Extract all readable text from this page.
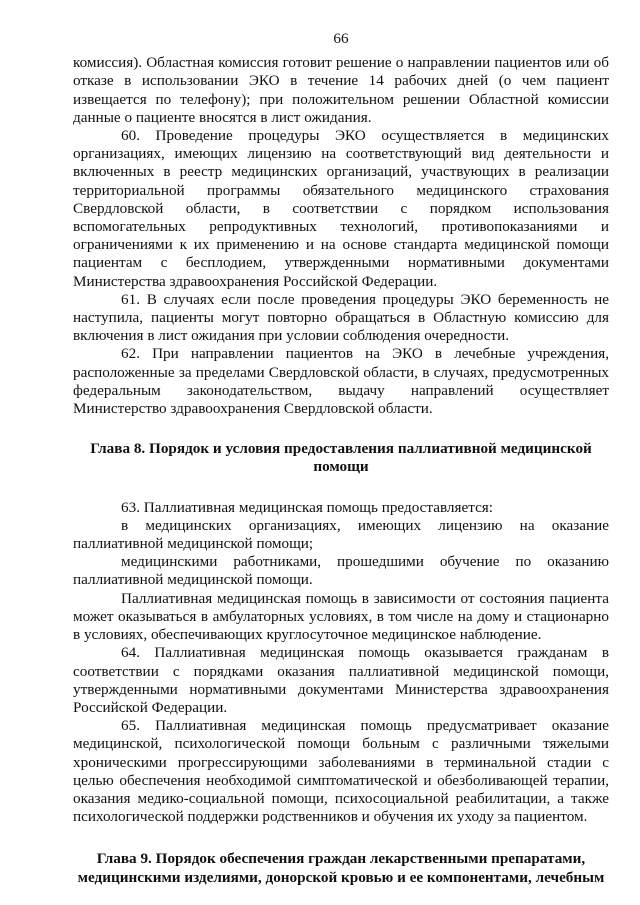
66

комиссия). Областная комиссия готовит решение о направлении пациентов или об отказе в использовании ЭКО в течение 14 рабочих дней (о чем пациент извещается по телефону); при положительном решении Областной комиссии данные о пациенте вносятся в лист ожидания.

60. Проведение процедуры ЭКО осуществляется в медицинских организациях, имеющих лицензию на соответствующий вид деятельности и включенных в реестр медицинских организаций, участвующих в реализации территориальной программы обязательного медицинского страхования Свердловской области, в соответствии с порядком использования вспомогательных репродуктивных технологий, противопоказаниями и ограничениями к их применению и на основе стандарта медицинской помощи пациентам с бесплодием, утвержденными нормативными документами Министерства здравоохранения Российской Федерации.

61. В случаях если после проведения процедуры ЭКО беременность не наступила, пациенты могут повторно обращаться в Областную комиссию для включения в лист ожидания при условии соблюдения очередности.

62. При направлении пациентов на ЭКО в лечебные учреждения, расположенные за пределами Свердловской области, в случаях, предусмотренных федеральным законодательством, выдачу направлений осуществляет Министерство здравоохранения Свердловской области.

Глава 8. Порядок и условия предоставления паллиативной медицинской помощи

63. Паллиативная медицинская помощь предоставляется:

в медицинских организациях, имеющих лицензию на оказание паллиативной медицинской помощи;

медицинскими работниками, прошедшими обучение по оказанию паллиативной медицинской помощи.

Паллиативная медицинская помощь в зависимости от состояния пациента может оказываться в амбулаторных условиях, в том числе на дому и стационарно в условиях, обеспечивающих круглосуточное медицинское наблюдение.

64. Паллиативная медицинская помощь оказывается гражданам в соответствии с порядками оказания паллиативной медицинской помощи, утвержденными нормативными документами Министерства здравоохранения Российской Федерации.

65. Паллиативная медицинская помощь предусматривает оказание медицинской, психологической помощи больным с различными тяжелыми хроническими прогрессирующими заболеваниями в терминальной стадии с целью обеспечения необходимой симптоматической и обезболивающей терапии, оказания медико-социальной помощи, психосоциальной реабилитации, а также психологической поддержки родственников и обучения их уходу за пациентом.

Глава 9. Порядок обеспечения граждан лекарственными препаратами, медицинскими изделиями, донорской кровью и ее компонентами, лечебным
